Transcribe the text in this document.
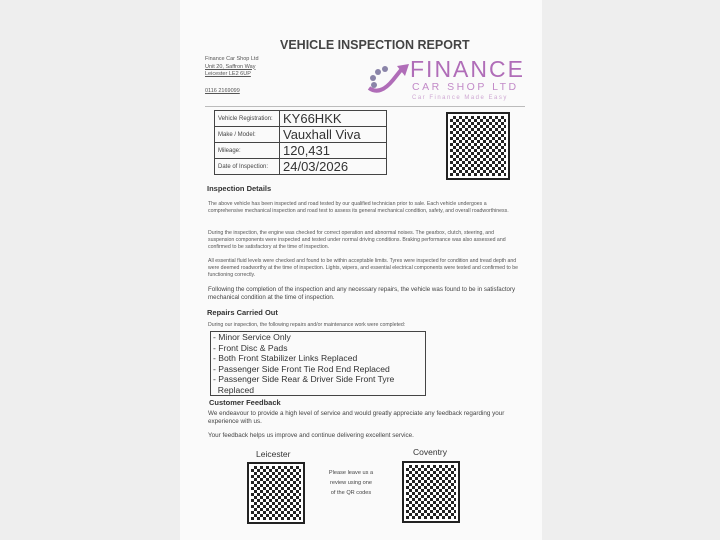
VEHICLE INSPECTION REPORT
Finance Car Shop Ltd
Unit 20, Saffron Way
Leicester LE2 6UP
0116 2169099
FINANCE
CAR SHOP LTD
Car Finance Made Easy
Vehicle Registration:	KY66HKK
Make / Model:	Vauxhall Viva
Mileage:	120,431
Date of Inspection:	24/03/2026
Inspection Details
The above vehicle has been inspected and road tested by our qualified technician prior to sale. Each vehicle undergoes a comprehensive mechanical inspection and road test to assess its general mechanical condition, safety, and overall roadworthiness.
During the inspection, the engine was checked for correct operation and abnormal noises. The gearbox, clutch, steering, and suspension components were inspected and tested under normal driving conditions. Braking performance was also assessed and confirmed to be satisfactory at the time of inspection.
All essential fluid levels were checked and found to be within acceptable limits. Tyres were inspected for condition and tread depth and were deemed roadworthy at the time of inspection. Lights, wipers, and essential electrical components were tested and confirmed to be functioning correctly.
Following the completion of the inspection and any necessary repairs, the vehicle was found to be in satisfactory mechanical condition at the time of inspection.
Repairs Carried Out
During our inspection, the following repairs and/or maintenance work were completed:
- Minor Service Only
- Front Disc & Pads
- Both Front Stabilizer Links Replaced
- Passenger Side Front Tie Rod End Replaced
- Passenger Side Rear & Driver Side Front Tyre
Replaced
Customer Feedback
We endeavour to provide a high level of service and would greatly appreciate any feedback regarding your experience with us.
Your feedback helps us improve and continue delivering excellent service.
Leicester
Please leave us a
review using one
of the QR codes
Coventry
